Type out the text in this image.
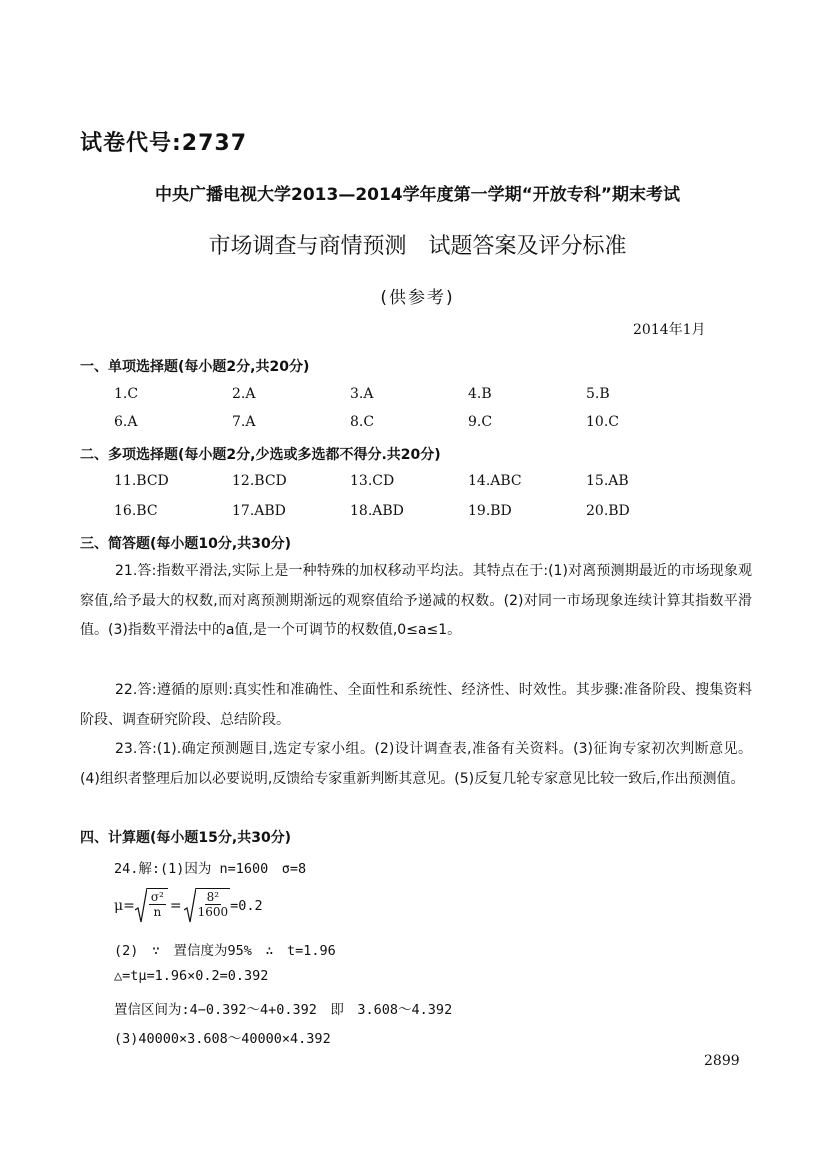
试卷代号:2737
中央广播电视大学2013—2014学年度第一学期“开放专科”期末考试
市场调查与商情预测　试题答案及评分标准
(供参考)
2014年1月
一、单项选择题(每小题2分,共20分)
1.C	2.A	3.A	4.B	5.B
6.A	7.A	8.C	9.C	10.C
二、多项选择题(每小题2分,少选或多选都不得分.共20分)
11.BCD	12.BCD	13.CD	14.ABC	15.AB
16.BC	17.ABD	18.ABD	19.BD	20.BD
三、简答题(每小题10分,共30分)

21.答:指数平滑法,实际上是一种特殊的加权移动平均法。其特点在于:(1)对离预测期最近的市场现象观察值,给予最大的权数,而对离预测期渐远的观察值给予递减的权数。(2)对同一市场现象连续计算其指数平滑值。(3)指数平滑法中的a值,是一个可调节的权数值,0≤a≤1。

22.答:遵循的原则:真实性和准确性、全面性和系统性、经济性、时效性。其步骤:准备阶段、搜集资料阶段、调查研究阶段、总结阶段。

23.答:(1).确定预测题目,选定专家小组。(2)设计调查表,准备有关资料。(3)征询专家初次判断意见。(4)组织者整理后加以必要说明,反馈给专家重新判断其意见。(5)反复几轮专家意见比较一致后,作出预测值。

四、计算题(每小题15分,共30分)
24.解:(1)因为 n=1600　σ=8
$\mu= \frac{\text{σ²}}{n} = \frac{\text{8²}}{1600} =0.2$
(2)　∵　置信度为95%　∴　t=1.96
△=tμ=1.96×0.2=0.392
置信区间为:4−0.392～4+0.392　即　3.608～4.392
(3)40000×3.608～40000×4.392
2899
